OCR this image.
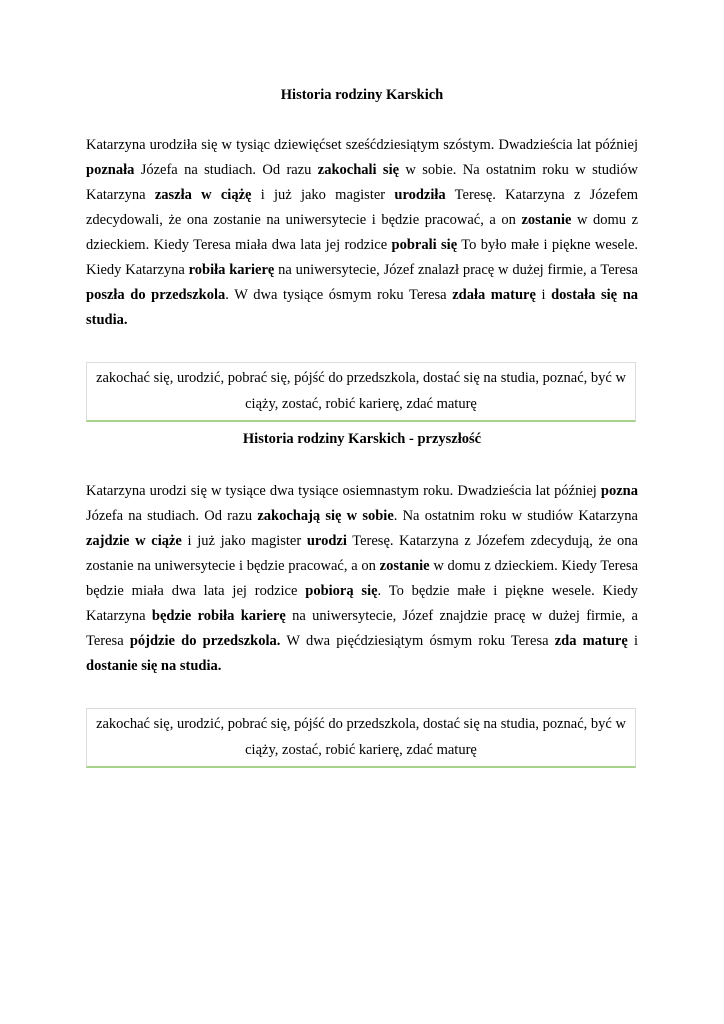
Historia rodziny Karskich

Katarzyna urodziła się w tysiąc dziewięćset sześćdziesiątym szóstym. Dwadzieścia lat później poznała Józefa na studiach. Od razu zakochali się w sobie. Na ostatnim roku w studiów Katarzyna zaszła w ciążę i już jako magister urodziła Teresę. Katarzyna z Józefem zdecydowali, że ona zostanie na uniwersytecie i będzie pracować, a on zostanie w domu z dzieckiem. Kiedy Teresa miała dwa lata jej rodzice pobrali się To było małe i piękne wesele. Kiedy Katarzyna robiła karierę na uniwersytecie, Józef znalazł pracę w dużej firmie, a Teresa poszła do przedszkola. W dwa tysiące ósmym roku Teresa zdała maturę i dostała się na studia.

zakochać się, urodzić, pobrać się, pójść do przedszkola, dostać się na studia, poznać, być w ciąży, zostać, robić karierę, zdać maturę
Historia rodziny Karskich - przyszłość

Katarzyna urodzi się w tysiące dwa tysiące osiemnastym roku. Dwadzieścia lat później pozna Józefa na studiach. Od razu zakochają się w sobie. Na ostatnim roku w studiów Katarzyna zajdzie w ciąże i już jako magister urodzi Teresę. Katarzyna z Józefem zdecydują, że ona zostanie na uniwersytecie i będzie pracować, a on zostanie w domu z dzieckiem. Kiedy Teresa będzie miała dwa lata jej rodzice pobiorą się. To będzie małe i piękne wesele. Kiedy Katarzyna będzie robiła karierę na uniwersytecie, Józef znajdzie pracę w dużej firmie, a Teresa pójdzie do przedszkola. W dwa pięćdziesiątym ósmym roku Teresa zda maturę i dostanie się na studia.

zakochać się, urodzić, pobrać się, pójść do przedszkola, dostać się na studia, poznać, być w ciąży, zostać, robić karierę, zdać maturę
